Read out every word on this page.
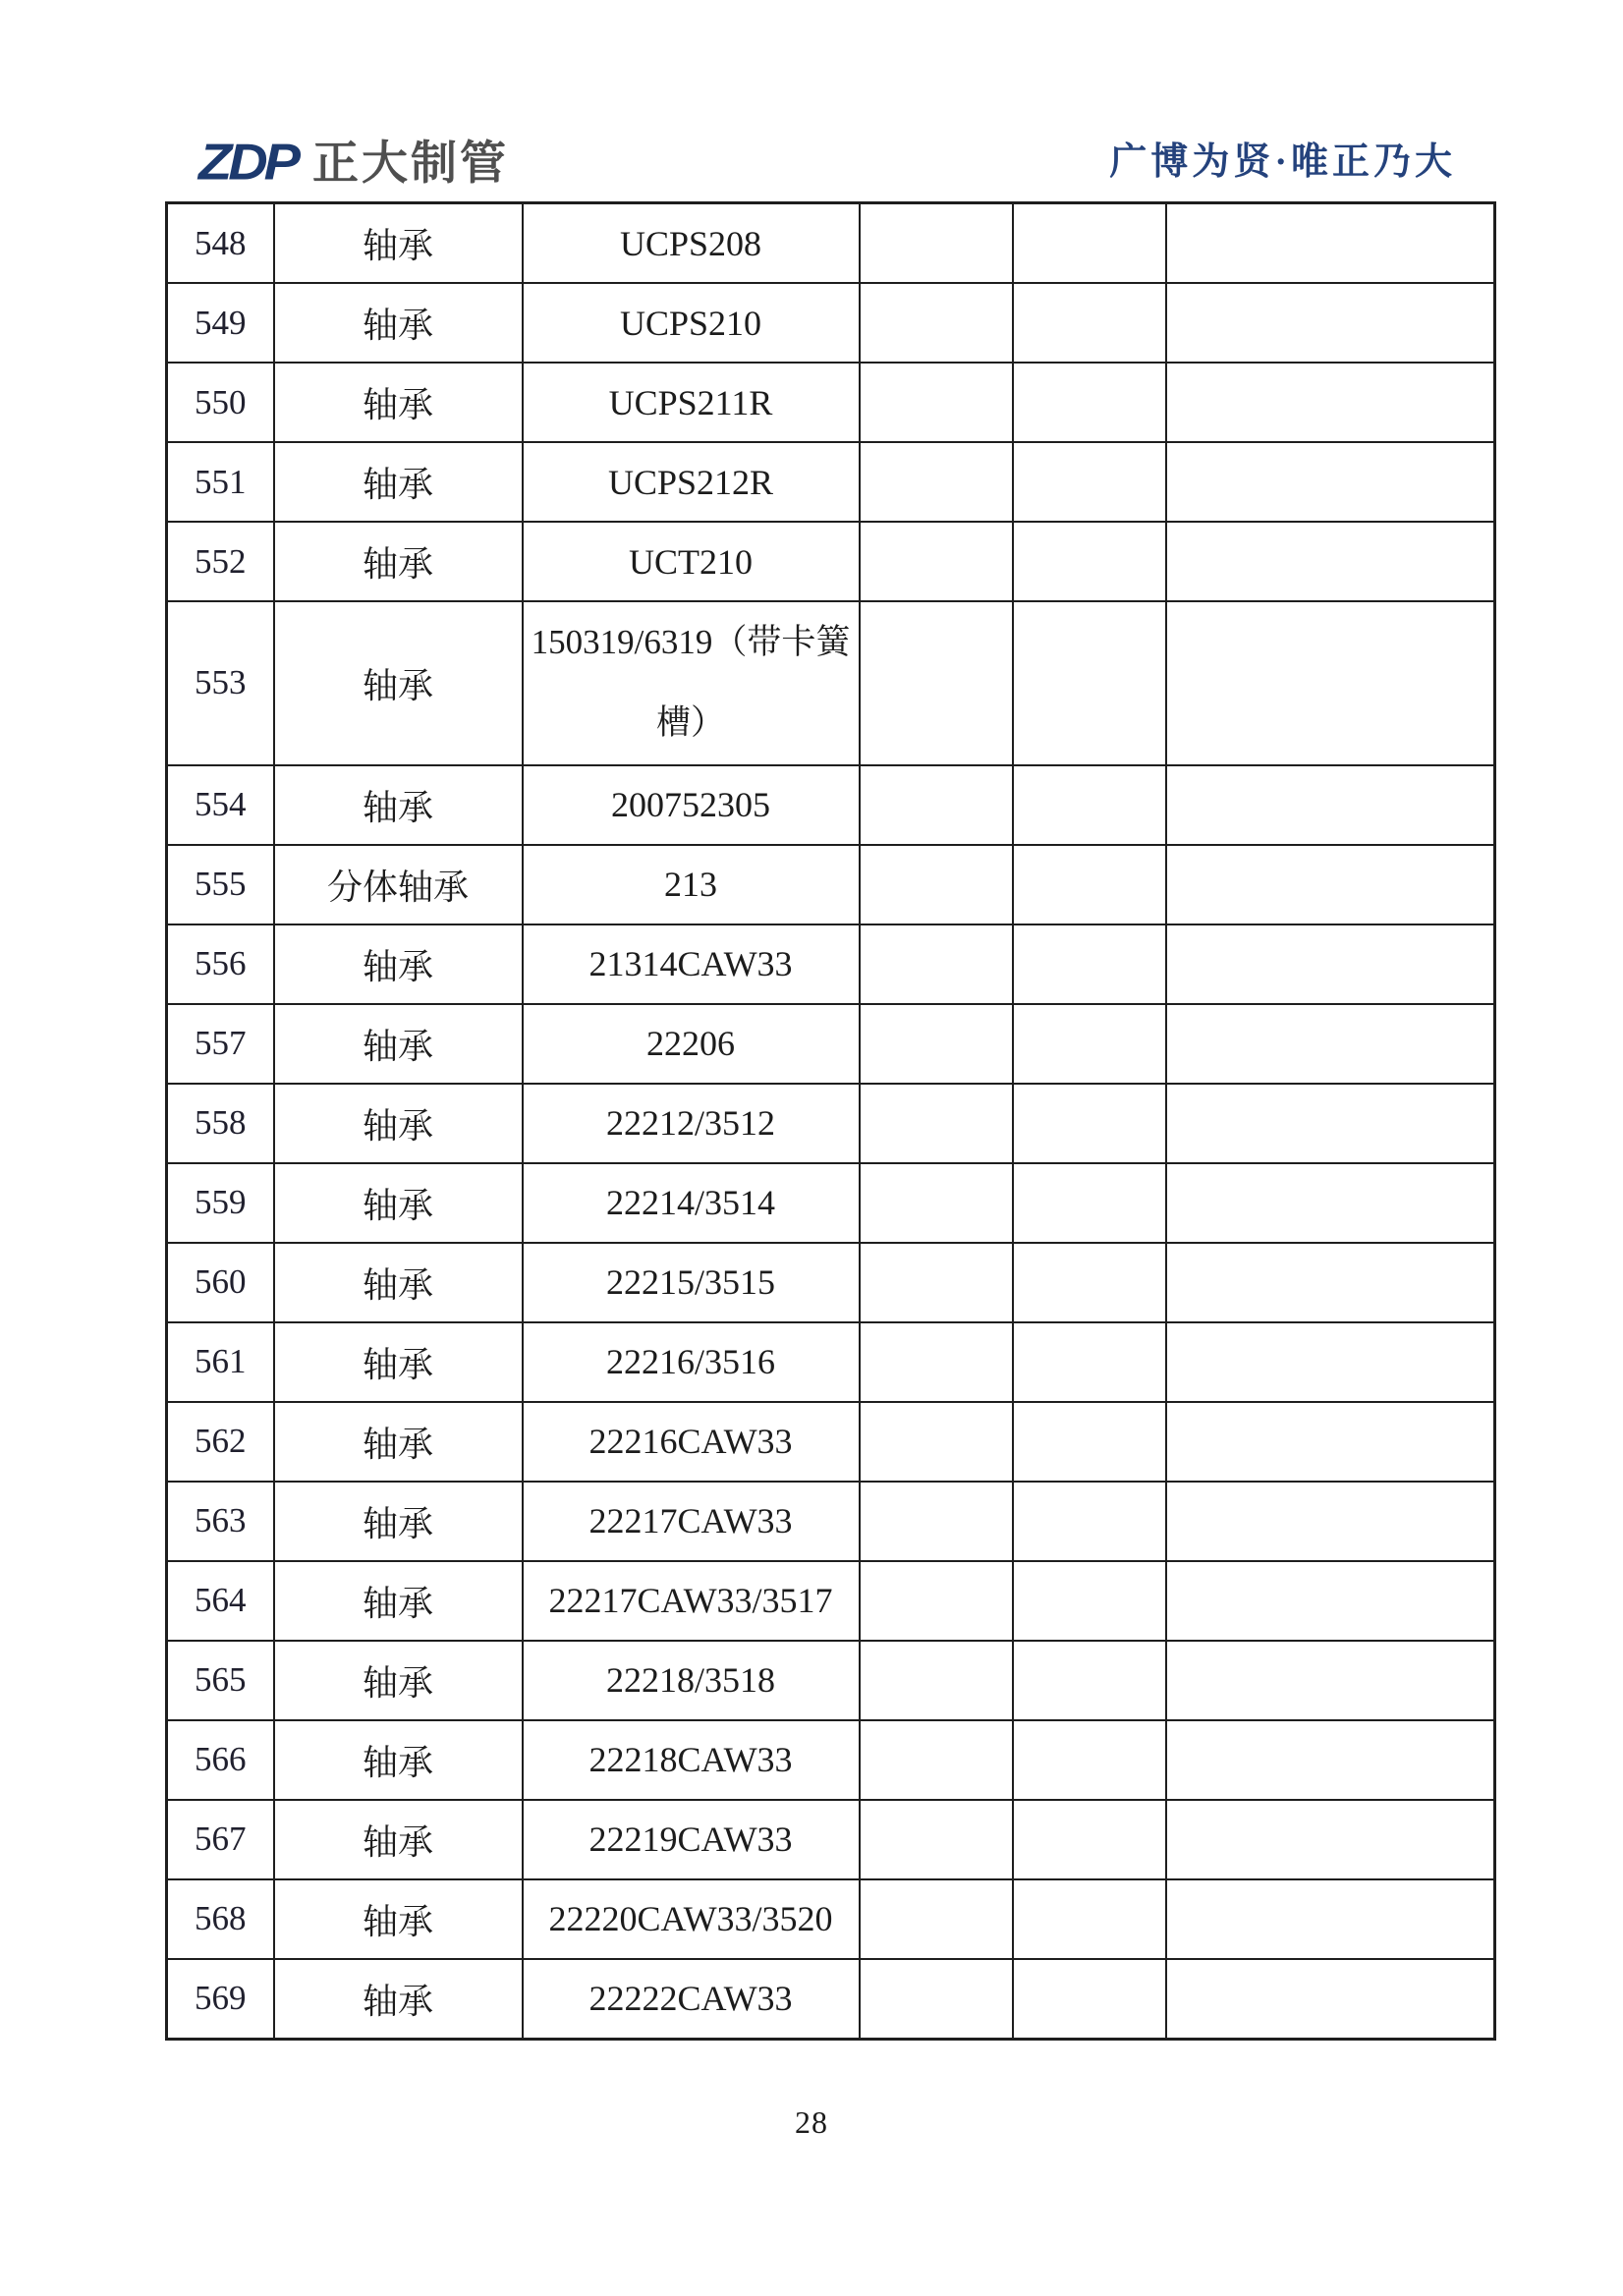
ZDP 正大制管	广博为贤·唯正乃大
548	轴承	UCPS208			
549	轴承	UCPS210			
550	轴承	UCPS211R			
551	轴承	UCPS212R			
552	轴承	UCT210			
553	轴承	150319/6319（带卡簧槽）			
554	轴承	200752305			
555	分体轴承	213			
556	轴承	21314CAW33			
557	轴承	22206			
558	轴承	22212/3512			
559	轴承	22214/3514			
560	轴承	22215/3515			
561	轴承	22216/3516			
562	轴承	22216CAW33			
563	轴承	22217CAW33			
564	轴承	22217CAW33/3517			
565	轴承	22218/3518			
566	轴承	22218CAW33			
567	轴承	22219CAW33			
568	轴承	22220CAW33/3520			
569	轴承	22222CAW33			
28
